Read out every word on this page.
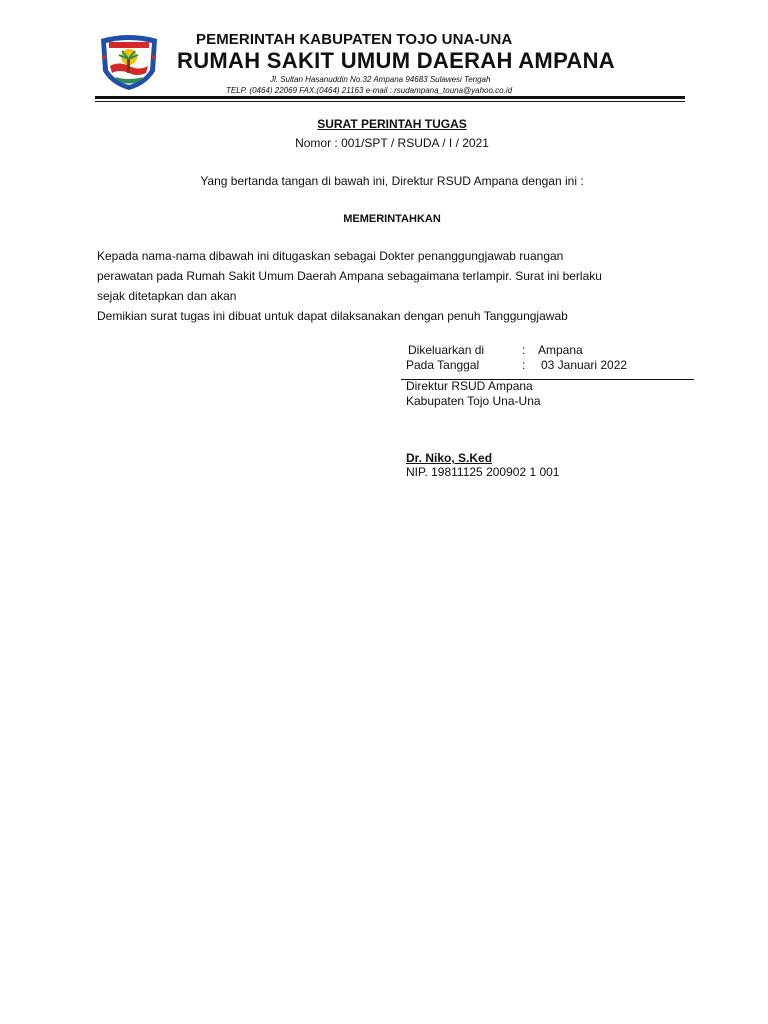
PEMERINTAH KABUPATEN TOJO UNA-UNA
RUMAH SAKIT UMUM DAERAH AMPANA
Jl. Sultan Hasanuddin No.32 Ampana 94683 Sulawesi Tengah
TELP. (0464) 22069 FAX.(0464) 21163 e-mail : rsudampana_touna@yahoo.co.id
SURAT PERINTAH TUGAS
Nomor : 001/SPT / RSUDA / I / 2021
Yang bertanda tangan di bawah ini, Direktur RSUD Ampana dengan ini :
MEMERINTAHKAN

Kepada nama-nama dibawah ini ditugaskan sebagai Dokter penanggungjawab ruangan

perawatan pada Rumah Sakit Umum Daerah Ampana sebagaimana terlampir. Surat ini berlaku

sejak ditetapkan dan akan

Demikian surat tugas ini dibuat untuk dapat dilaksanakan dengan penuh Tanggungjawab

Dikeluarkan di	: Ampana
Pada Tanggal	: 03 Januari 2022
Direktur RSUD Ampana
Kabupaten Tojo Una-Una
Dr. Niko, S.Ked
NIP. 19811125 200902 1 001
